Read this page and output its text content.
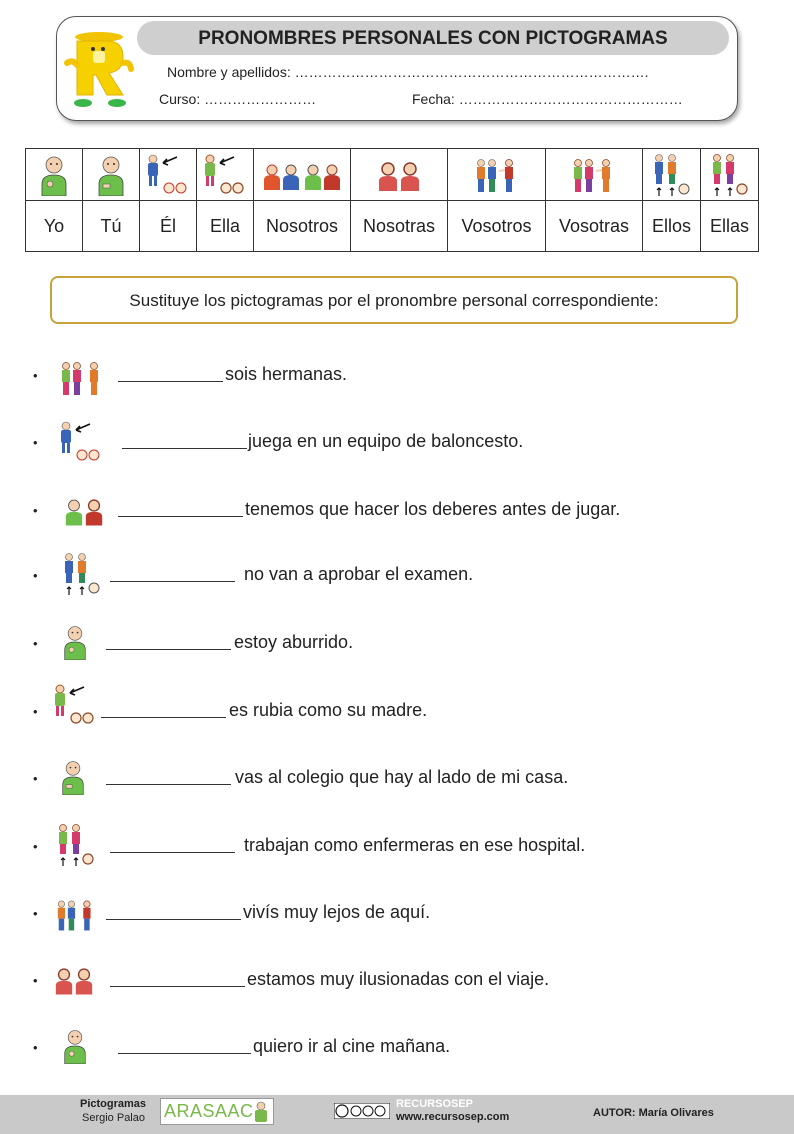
PRONOMBRES PERSONALES CON PICTOGRAMAS
Nombre y apellidos: ………………………………………………………………….
Curso: ……………………	Fecha: …………………………………………

Yo	Tú	Él	Ella	Nosotros	Nosotras	Vosotros	Vosotras	Ellos	Ellas
Sustituye los pictogramas por el pronombre personal correspondiente:
•	sois hermanas.
•	juega en un equipo de baloncesto.
•	tenemos que hacer los deberes antes de jugar.
•	no van a aprobar el examen.
•	estoy aburrido.
•	es rubia como su madre.
•	vas al colegio que hay al lado de mi casa.
•	trabajan como enfermeras en ese hospital.
•	vivís muy lejos de aquí.
•	estamos muy ilusionadas con el viaje.
•	quiero ir al cine mañana.
Pictogramas
Sergio Palao ARASAAC	RECURSOSEP
www.recursosep.com	AUTOR: María Olivares
